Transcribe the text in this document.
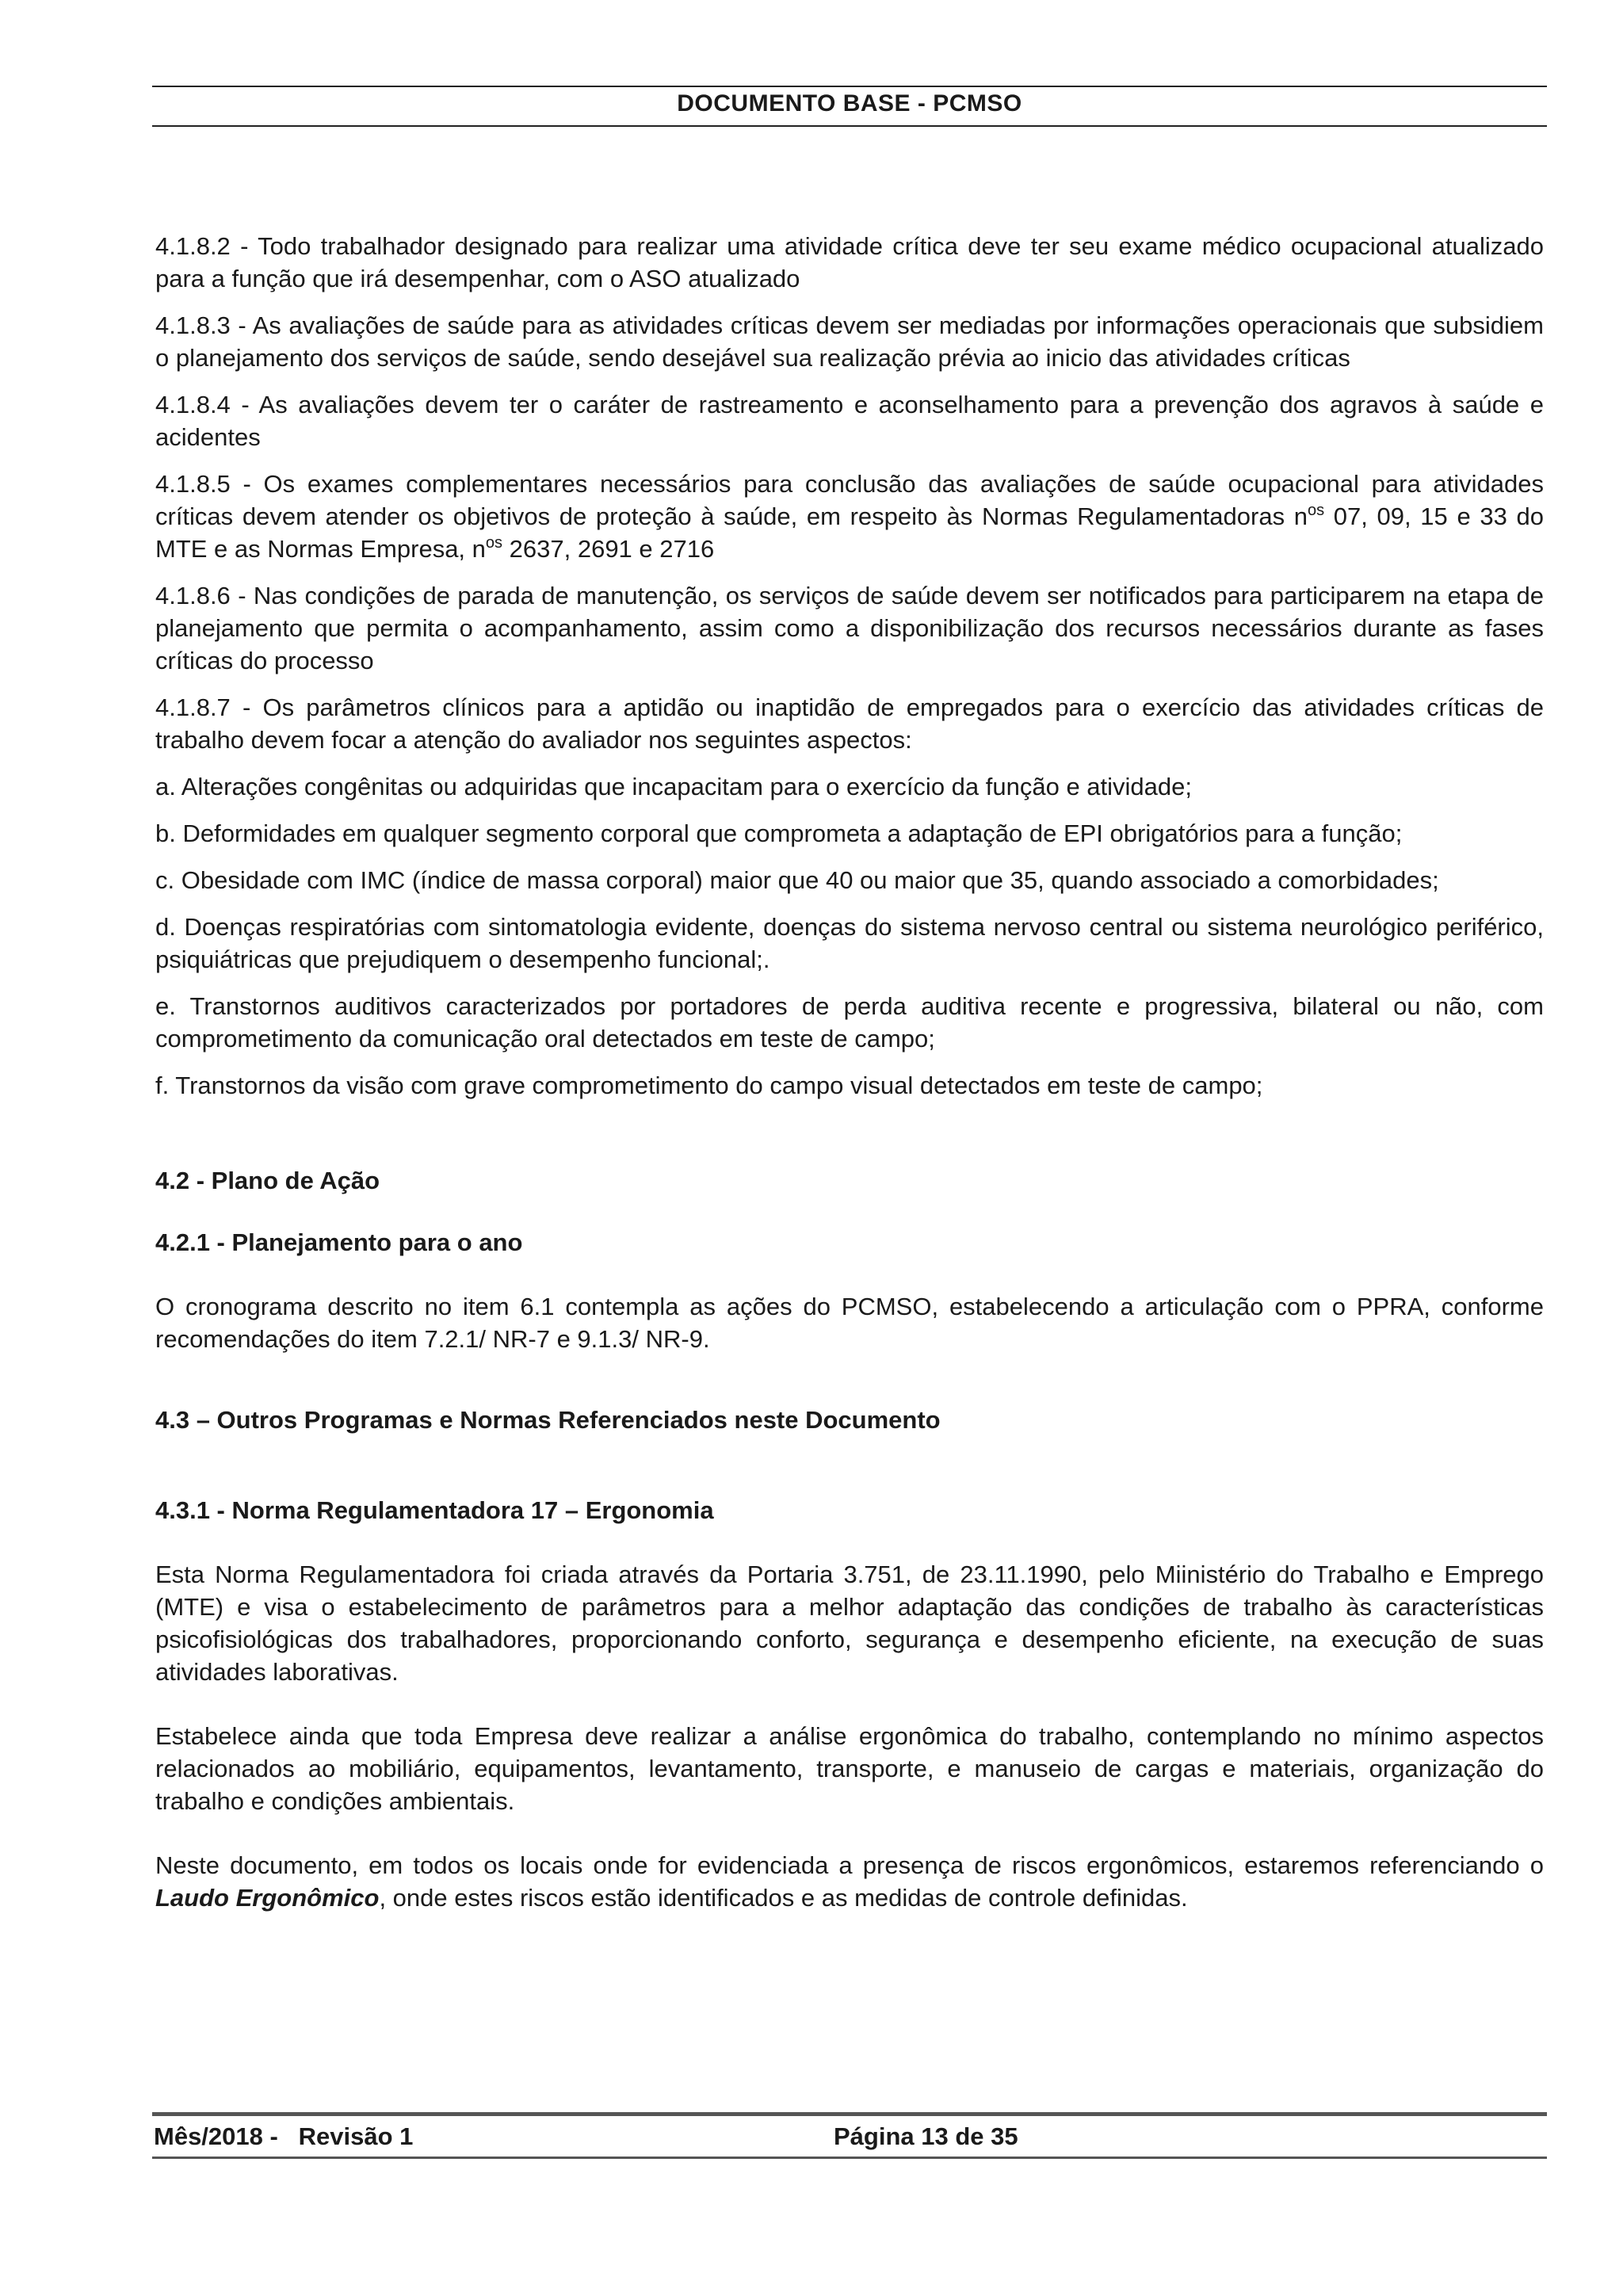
DOCUMENTO BASE - PCMSO

4.1.8.2 - Todo trabalhador designado para realizar uma atividade crítica deve ter seu exame médico ocupacional atualizado para a função que irá desempenhar, com o ASO atualizado

4.1.8.3 - As avaliações de saúde para as atividades críticas devem ser mediadas por informações operacionais que subsidiem o planejamento dos serviços de saúde, sendo desejável sua realização prévia ao inicio das atividades críticas

4.1.8.4 - As avaliações devem ter o caráter de rastreamento e aconselhamento para a prevenção dos agravos à saúde e acidentes

4.1.8.5 - Os exames complementares necessários para conclusão das avaliações de saúde ocupacional para atividades críticas devem atender os objetivos de proteção à saúde, em respeito às Normas Regulamentadoras $n^{os}$ 07, 09, 15 e 33 do MTE e as Normas Empresa, $n^{os}$ 2637, 2691 e 2716

4.1.8.6 - Nas condições de parada de manutenção, os serviços de saúde devem ser notificados para participarem na etapa de planejamento que permita o acompanhamento, assim como a disponibilização dos recursos necessários durante as fases críticas do processo

4.1.8.7 - Os parâmetros clínicos para a aptidão ou inaptidão de empregados para o exercício das atividades críticas de trabalho devem focar a atenção do avaliador nos seguintes aspectos:

a. Alterações congênitas ou adquiridas que incapacitam para o exercício da função e atividade;

b. Deformidades em qualquer segmento corporal que comprometa a adaptação de EPI obrigatórios para a função;

c. Obesidade com IMC (índice de massa corporal) maior que 40 ou maior que 35, quando associado a comorbidades;

d. Doenças respiratórias com sintomatologia evidente, doenças do sistema nervoso central ou sistema neurológico periférico, psiquiátricas que prejudiquem o desempenho funcional;.

e. Transtornos auditivos caracterizados por portadores de perda auditiva recente e progressiva, bilateral ou não, com comprometimento da comunicação oral detectados em teste de campo;

f. Transtornos da visão com grave comprometimento do campo visual detectados em teste de campo;

4.2 - Plano de Ação
4.2.1 - Planejamento para o ano

O cronograma descrito no item 6.1 contempla as ações do PCMSO, estabelecendo a articulação com o PPRA, conforme recomendações do item 7.2.1/ NR-7 e 9.1.3/ NR-9.

4.3 – Outros Programas e Normas Referenciados neste Documento
4.3.1 - Norma Regulamentadora 17 – Ergonomia

Esta Norma Regulamentadora foi criada através da Portaria 3.751, de 23.11.1990, pelo Miinistério do Trabalho e Emprego (MTE) e visa o estabelecimento de parâmetros para a melhor adaptação das condições de trabalho às características psicofisiológicas dos trabalhadores, proporcionando conforto, segurança e desempenho eficiente, na execução de suas atividades laborativas.

Estabelece ainda que toda Empresa deve realizar a análise ergonômica do trabalho, contemplando no mínimo aspectos relacionados ao mobiliário, equipamentos, levantamento, transporte, e manuseio de cargas e materiais, organização do trabalho e condições ambientais.

Neste documento, em todos os locais onde for evidenciada a presença de riscos ergonômicos, estaremos referenciando o Laudo Ergonômico, onde estes riscos estão identificados e as medidas de controle definidas.

Mês/2018 -   Revisão 1	Página 13 de 35
